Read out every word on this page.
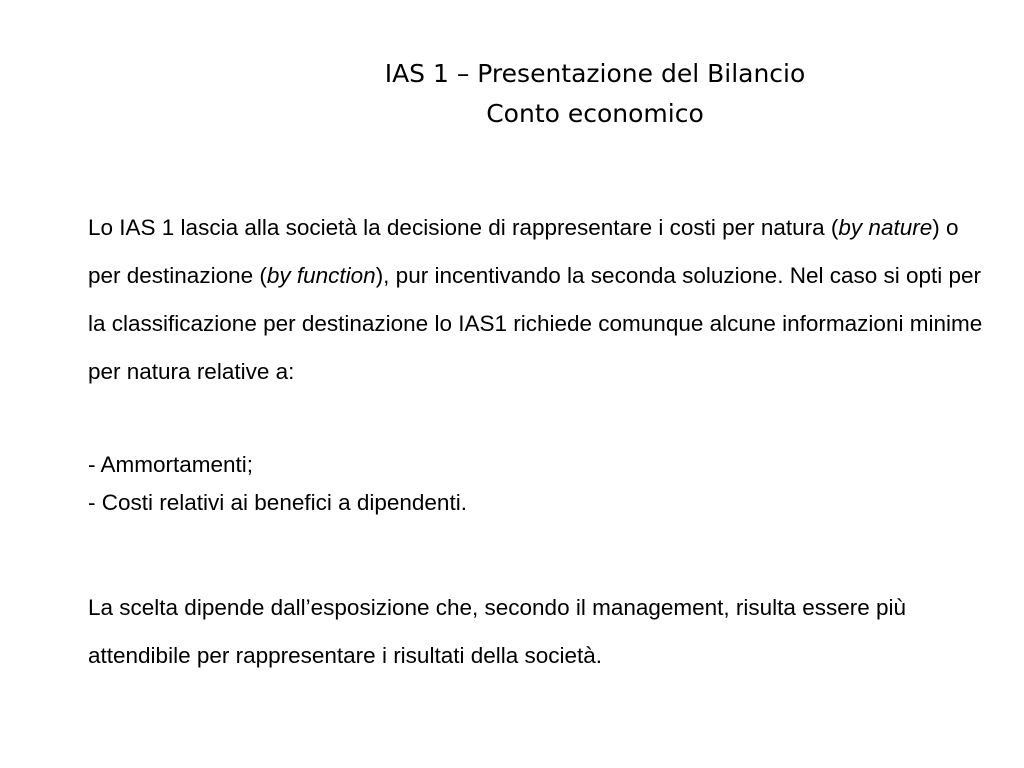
IAS 1 – Presentazione del Bilancio
Conto economico

Lo IAS 1 lascia alla società la decisione di rappresentare i costi per natura (by nature) o per destinazione (by function), pur incentivando la seconda soluzione. Nel caso si opti per la classificazione per destinazione lo IAS1 richiede comunque alcune informazioni minime per natura relative a:

- Ammortamenti;
- Costi relativi ai benefici a dipendenti.

La scelta dipende dall’esposizione che, secondo il management, risulta essere più attendibile per rappresentare i risultati della società.
